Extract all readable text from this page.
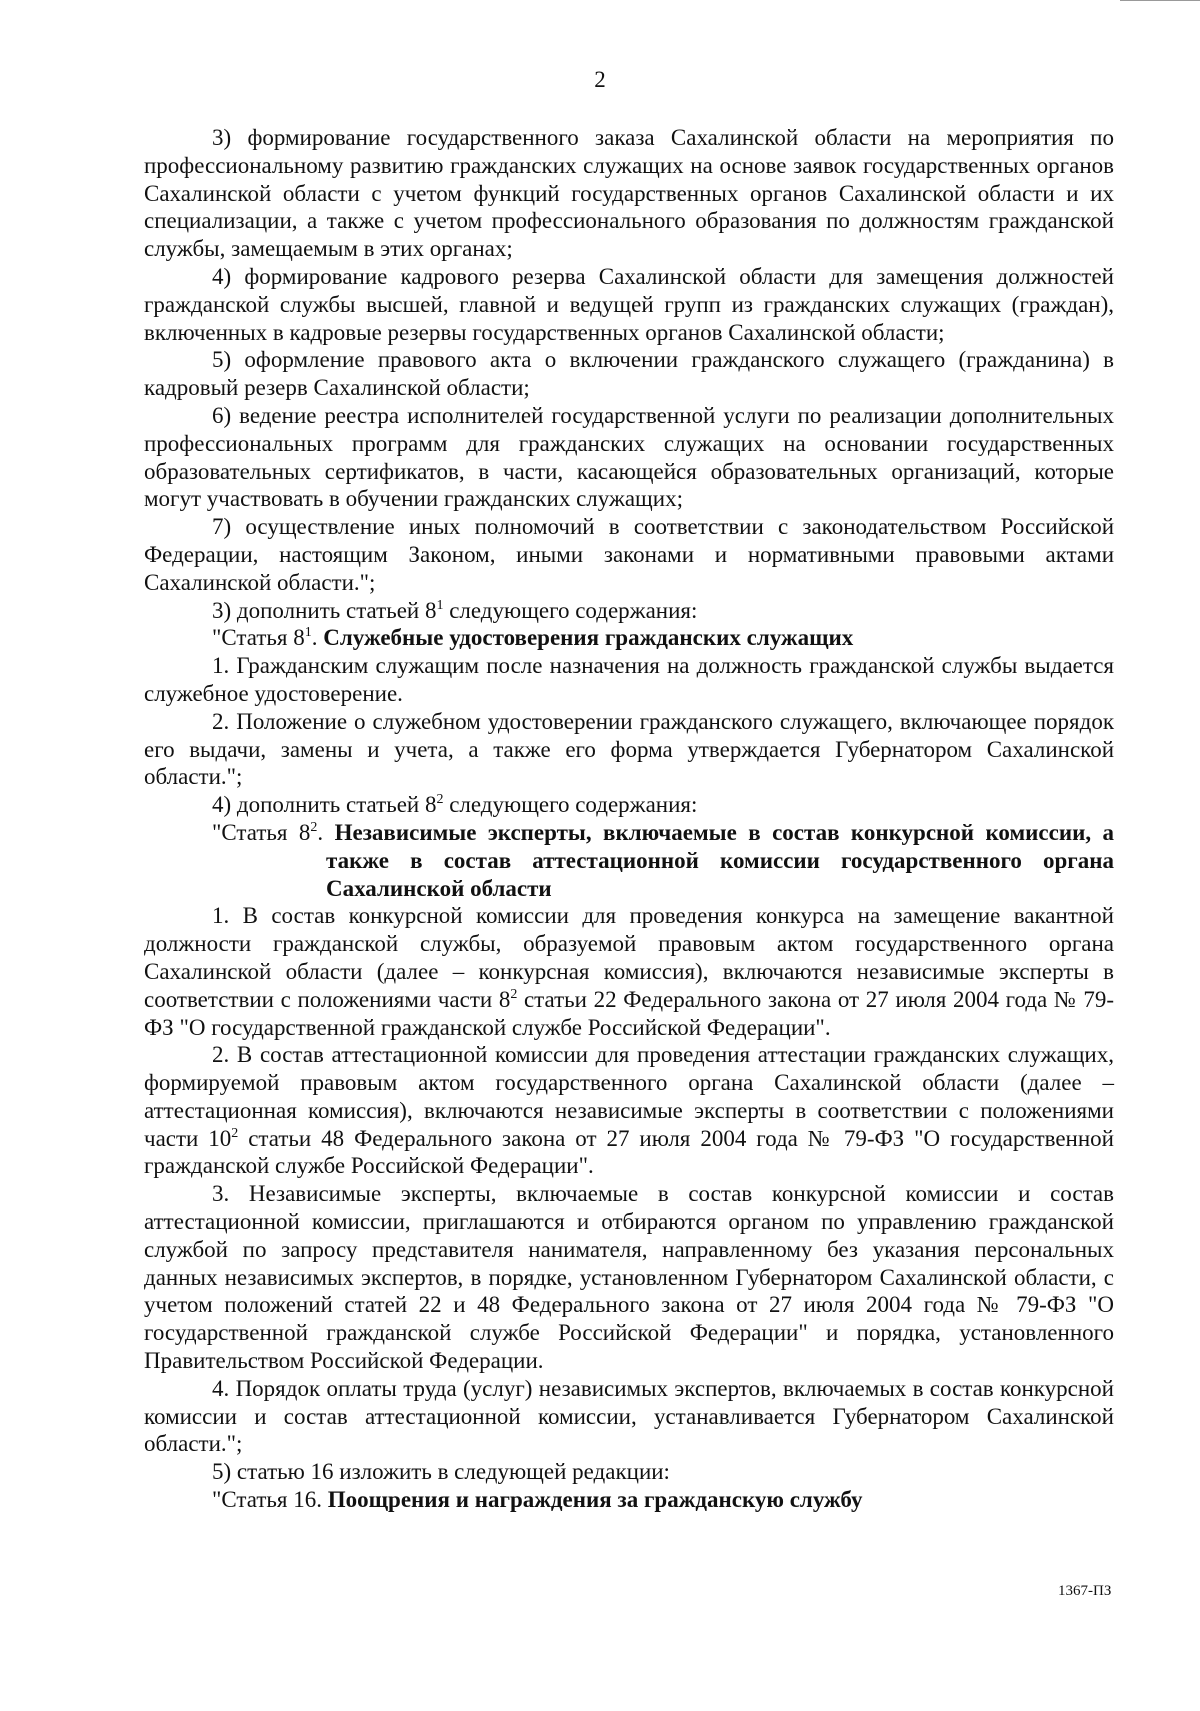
2

3) формирование государственного заказа Сахалинской области на мероприятия по профессиональному развитию гражданских служащих на основе заявок государственных органов Сахалинской области с учетом функций государственных органов Сахалинской области и их специализации, а также с учетом профессионального образования по должностям гражданской службы, замещаемым в этих органах;

4) формирование кадрового резерва Сахалинской области для замещения должностей гражданской службы высшей, главной и ведущей групп из гражданских служащих (граждан), включенных в кадровые резервы государственных органов Сахалинской области;

5) оформление правового акта о включении гражданского служащего (гражданина) в кадровый резерв Сахалинской области;

6) ведение реестра исполнителей государственной услуги по реализации дополнительных профессиональных программ для гражданских служащих на основании государственных образовательных сертификатов, в части, касающейся образовательных организаций, которые могут участвовать в обучении гражданских служащих;

7) осуществление иных полномочий в соответствии с законодательством Российской Федерации, настоящим Законом, иными законами и нормативными правовыми актами Сахалинской области.";

3) дополнить статьей $8^1$ следующего содержания:

"Статья $8^1$. Служебные удостоверения гражданских служащих

1. Гражданским служащим после назначения на должность гражданской службы выдается служебное удостоверение.

2. Положение о служебном удостоверении гражданского служащего, включающее порядок его выдачи, замены и учета, а также его форма утверждается Губернатором Сахалинской области.";

4) дополнить статьей $8^2$ следующего содержания:

"Статья $8^2$. Независимые эксперты, включаемые в состав конкурсной комиссии, а также в состав аттестационной комиссии государственного органа Сахалинской области

1. В состав конкурсной комиссии для проведения конкурса на замещение вакантной должности гражданской службы, образуемой правовым актом государственного органа Сахалинской области (далее – конкурсная комиссия), включаются независимые эксперты в соответствии с положениями части $8^2$ статьи 22 Федерального закона от 27 июля 2004 года № 79-ФЗ "О государственной гражданской службе Российской Федерации".

2. В состав аттестационной комиссии для проведения аттестации гражданских служащих, формируемой правовым актом государственного органа Сахалинской области (далее – аттестационная комиссия), включаются независимые эксперты в соответствии с положениями части $10^2$ статьи 48 Федерального закона от 27 июля 2004 года № 79-ФЗ "О государственной гражданской службе Российской Федерации".

3. Независимые эксперты, включаемые в состав конкурсной комиссии и состав аттестационной комиссии, приглашаются и отбираются органом по управлению гражданской службой по запросу представителя нанимателя, направленному без указания персональных данных независимых экспертов, в порядке, установленном Губернатором Сахалинской области, с учетом положений статей 22 и 48 Федерального закона от 27 июля 2004 года № 79-ФЗ "О государственной гражданской службе Российской Федерации" и порядка, установленного Правительством Российской Федерации.

4. Порядок оплаты труда (услуг) независимых экспертов, включаемых в состав конкурсной комиссии и состав аттестационной комиссии, устанавливается Губернатором Сахалинской области.";

5) статью 16 изложить в следующей редакции:

"Статья 16. Поощрения и награждения за гражданскую службу

1367-ПЗ
